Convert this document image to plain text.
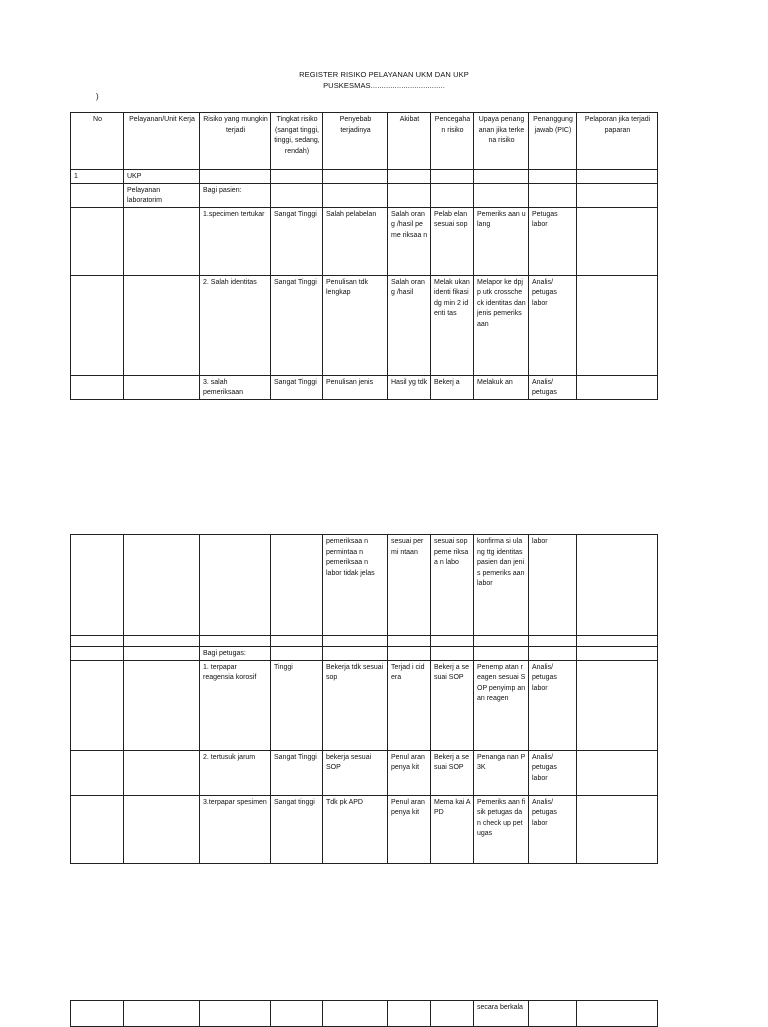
REGISTER RISIKO PELAYANAN UKM DAN UKP
PUSKESMAS..................................
)
No	Pelayanan/Unit Kerja	Risiko yang mungkin terjadi	Tingkat risiko (sangat tinggi, tinggi, sedang, rendah)	Penyebab terjadinya	Akibat	Pencegaha n risiko	Upaya penanganan jika terkena risiko	Penanggung jawab (PIC)	Pelaporan jika terjadi paparan
1	UKP								
	Pelayanan laboratorim	Bagi pasien:							
		1.specimen tertukar	Sangat Tinggi	Salah pelabelan	Salah orang /hasil peme riksaa n	Pelab elan sesuai sop	Pemeriks aan ulang	Petugas labor	
		2. Salah identitas	Sangat Tinggi	Penulisan tdk lengkap	Salah orang /hasil	Melak ukan identi fikasi dg min 2 identi tas	Melapor ke dpjp utk crossche ck identitas dan jenis pemeriks aan	Analis/ petugas labor	
		3. salah pemeriksaan	Sangat Tinggi	Penulisan jenis	Hasil yg tdk	Bekerj a	Melakuk an	Analis/ petugas	
				pemeriksaa n permintaa n pemeriksaa n labor tidak jelas	sesuai permi ntaan	sesuai sop peme riksaa n labo	konfirma si ulang ttg identitas pasien dan jenis pemeriks aan labor	labor	

		Bagi petugas:							
		1. terpapar reagensia korosif	Tinggi	Bekerja tdk sesuai sop	Terjad i cidera	Bekerj a sesuai SOP	Penemp atan reagen sesuai SOP penyimp anan reagen	Analis/ petugas labor	
		2. tertusuk jarum	Sangat Tinggi	bekerja sesuai SOP	Penul aran penya kit	Bekerj a sesuai SOP	Penanga nan P3K	Analis/ petugas labor	
		3.terpapar spesimen	Sangat tinggi	Tdk pk APD	Penul aran penya kit	Mema kai APD	Pemeriks aan fisik petugas dan check up petugas	Analis/ petugas labor	
							secara berkala		
